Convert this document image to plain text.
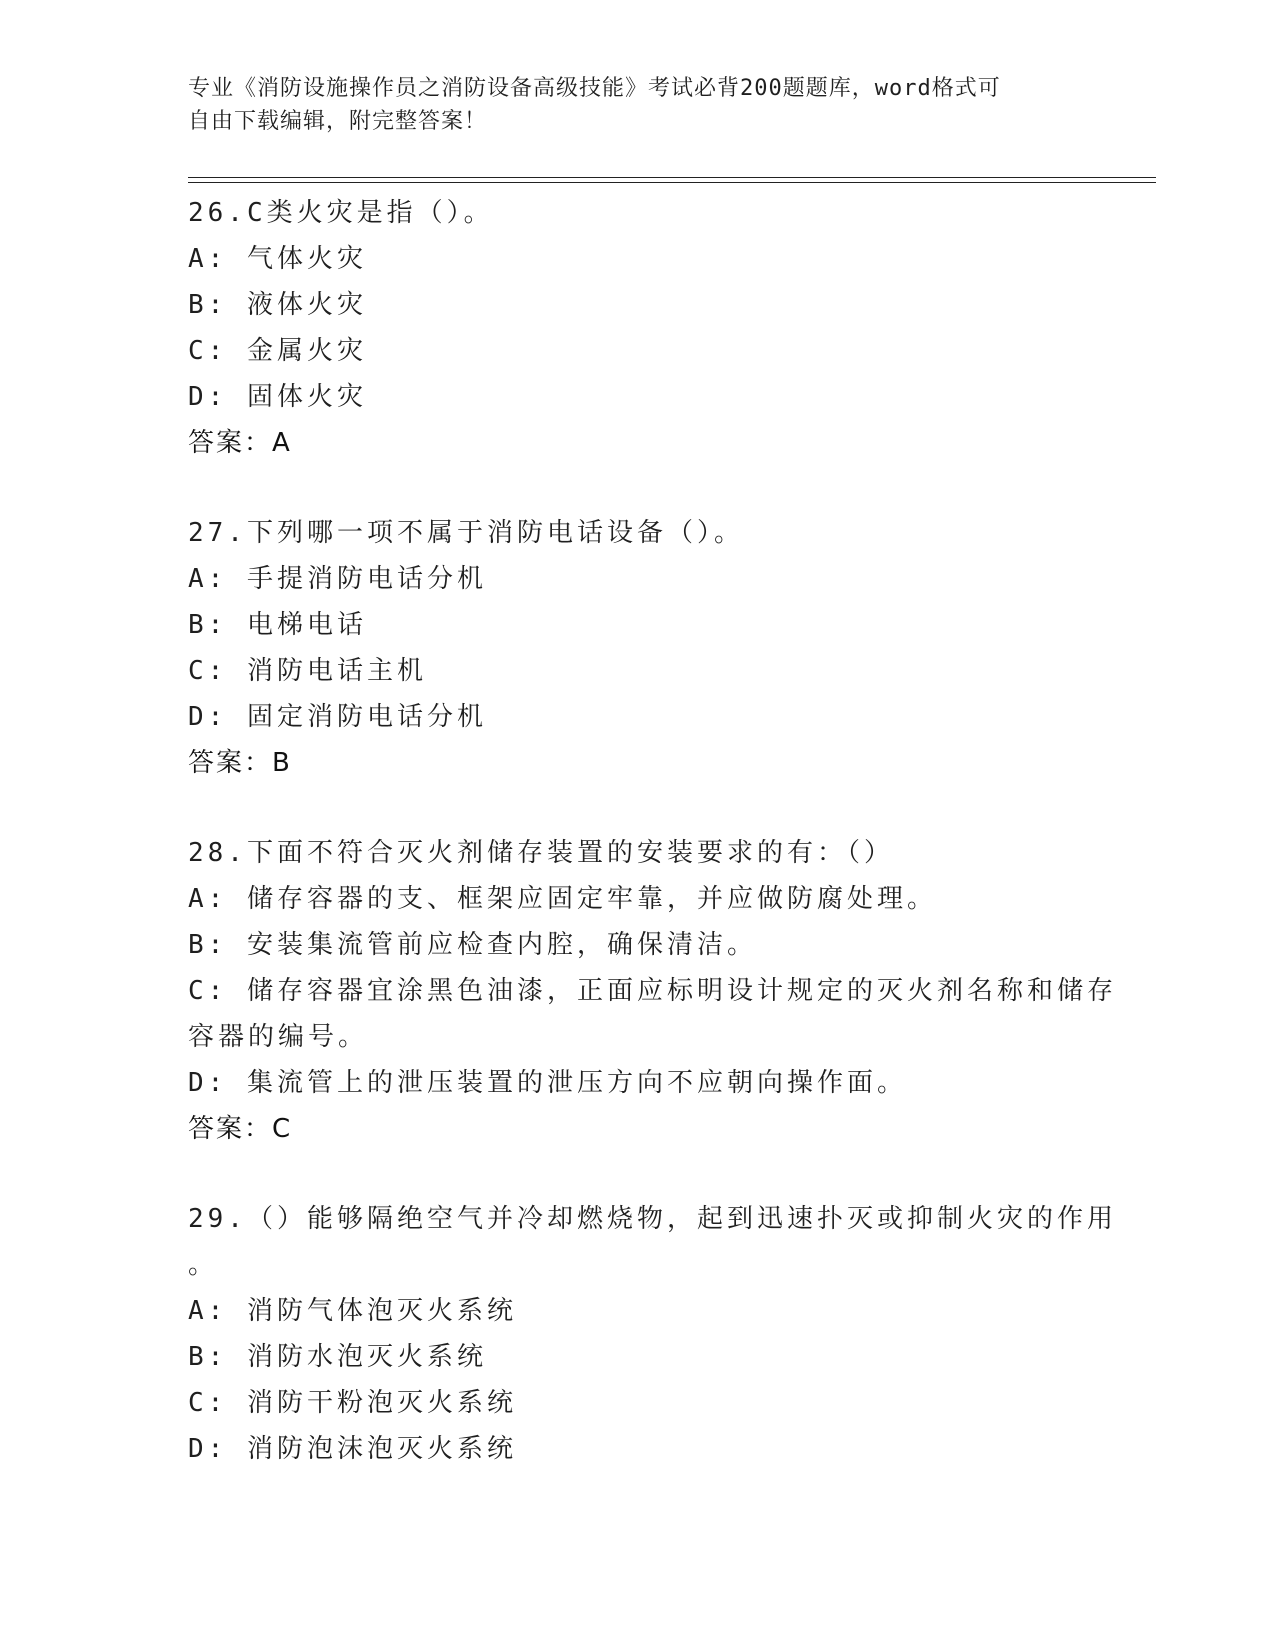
专业《消防设施操作员之消防设备高级技能》考试必背200题题库，word格式可
自由下载编辑，附完整答案！
26.C类火灾是指（）。
A: 气体火灾
B: 液体火灾
C: 金属火灾
D: 固体火灾
答案：A
27.下列哪一项不属于消防电话设备（）。
A: 手提消防电话分机
B: 电梯电话
C: 消防电话主机
D: 固定消防电话分机
答案：B
28.下面不符合灭火剂储存装置的安装要求的有：（）
A: 储存容器的支、框架应固定牢靠，并应做防腐处理。
B: 安装集流管前应检查内腔，确保清洁。
C: 储存容器宜涂黑色油漆，正面应标明设计规定的灭火剂名称和储存
容器的编号。
D: 集流管上的泄压装置的泄压方向不应朝向操作面。
答案：C
29.（）能够隔绝空气并冷却燃烧物，起到迅速扑灭或抑制火灾的作用
。
A: 消防气体泡灭火系统
B: 消防水泡灭火系统
C: 消防干粉泡灭火系统
D: 消防泡沫泡灭火系统
